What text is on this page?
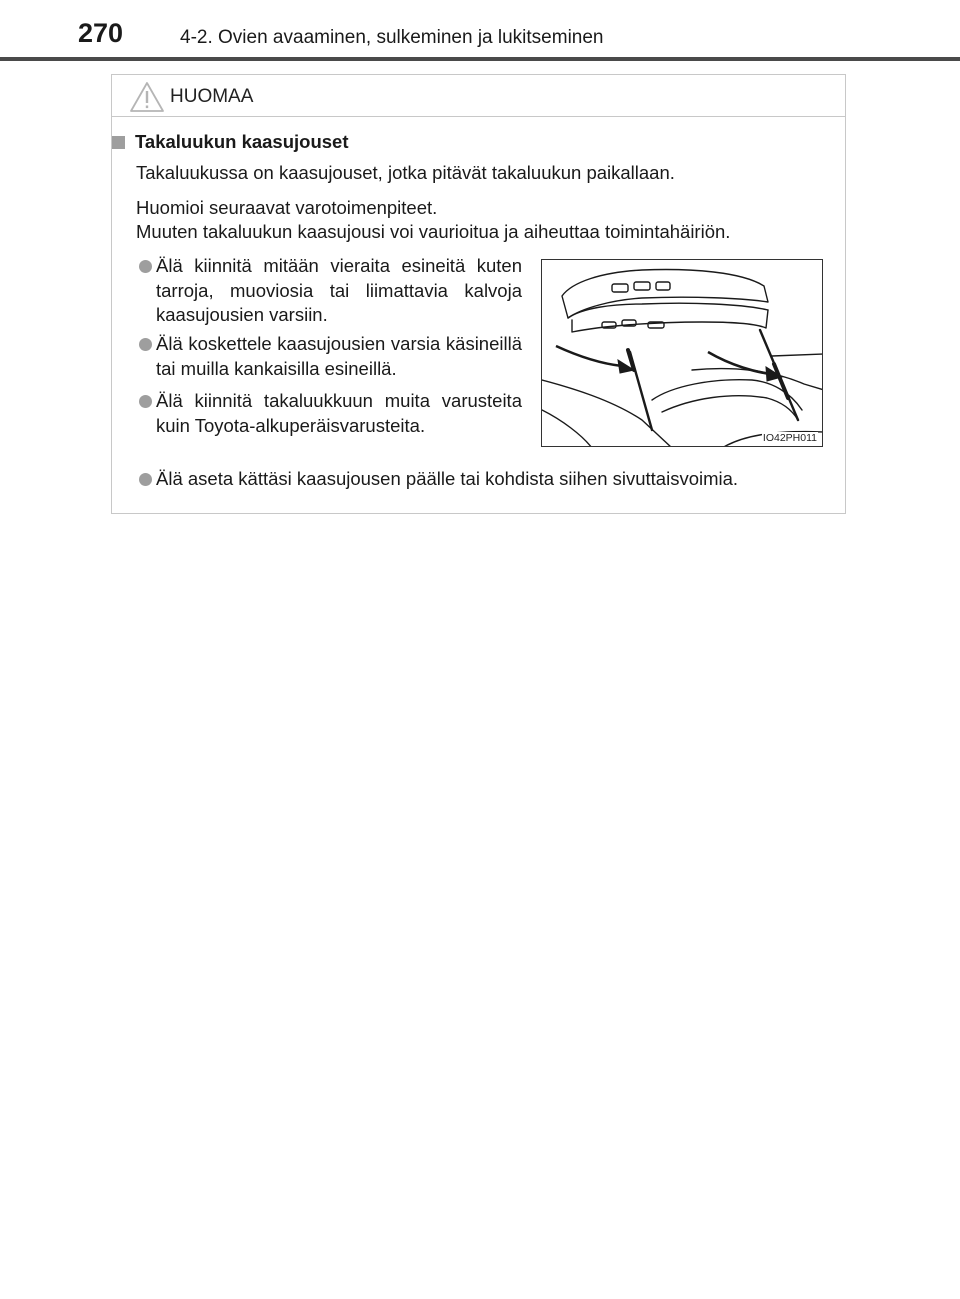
270	4-2. Ovien avaaminen, sulkeminen ja lukitseminen
HUOMAA
Takaluukun kaasujouset
Takaluukussa on kaasujouset, jotka pitävät takaluukun paikallaan.
Huomioi seuraavat varotoimenpiteet.
Muuten takaluukun kaasujousi voi vaurioitua ja aiheuttaa toimintahäiriön.
Älä kiinnitä mitään vieraita esineitä kuten tarroja, muoviosia tai liimattavia kalvoja kaasujousien varsiin.
Älä koskettele kaasujousien varsia käsineillä tai muilla kankaisilla esineillä.
Älä kiinnitä takaluukkuun muita varusteita kuin Toyota-alkuperäisvarusteita.
Älä aseta kättäsi kaasujousen päälle tai kohdista siihen sivuttaisvoimia.
IO42PH011
